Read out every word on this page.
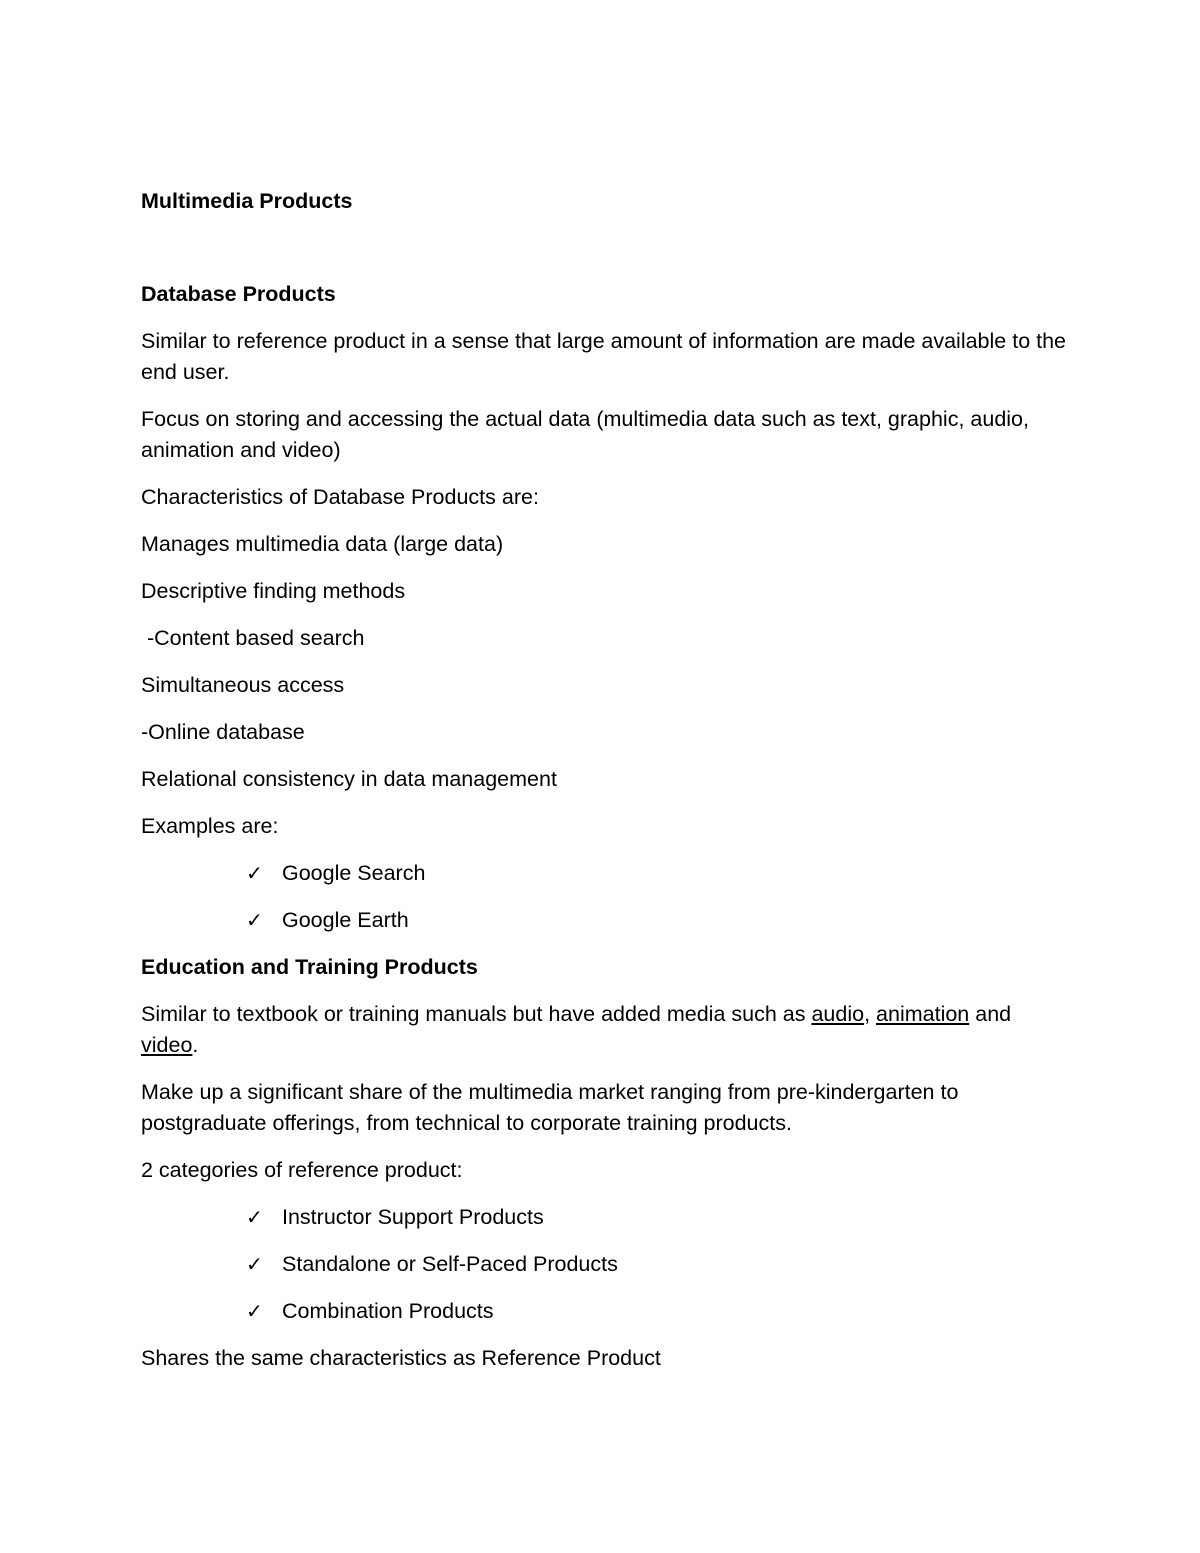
Multimedia Products

Database Products

Similar to reference product in a sense that large amount of information are made available to the end user.

Focus on storing and accessing the actual data (multimedia data such as text, graphic, audio, animation and video)

Characteristics of Database Products are:

Manages multimedia data (large data)

Descriptive finding methods

-Content based search

Simultaneous access

-Online database

Relational consistency in data management

Examples are:

✓ Google Search

✓ Google Earth

Education and Training Products

Similar to textbook or training manuals but have added media such as audio, animation and video.

Make up a significant share of the multimedia market ranging from pre-kindergarten to postgraduate offerings, from technical to corporate training products.

2 categories of reference product:

✓ Instructor Support Products

✓ Standalone or Self-Paced Products

✓ Combination Products

Shares the same characteristics as Reference Product
